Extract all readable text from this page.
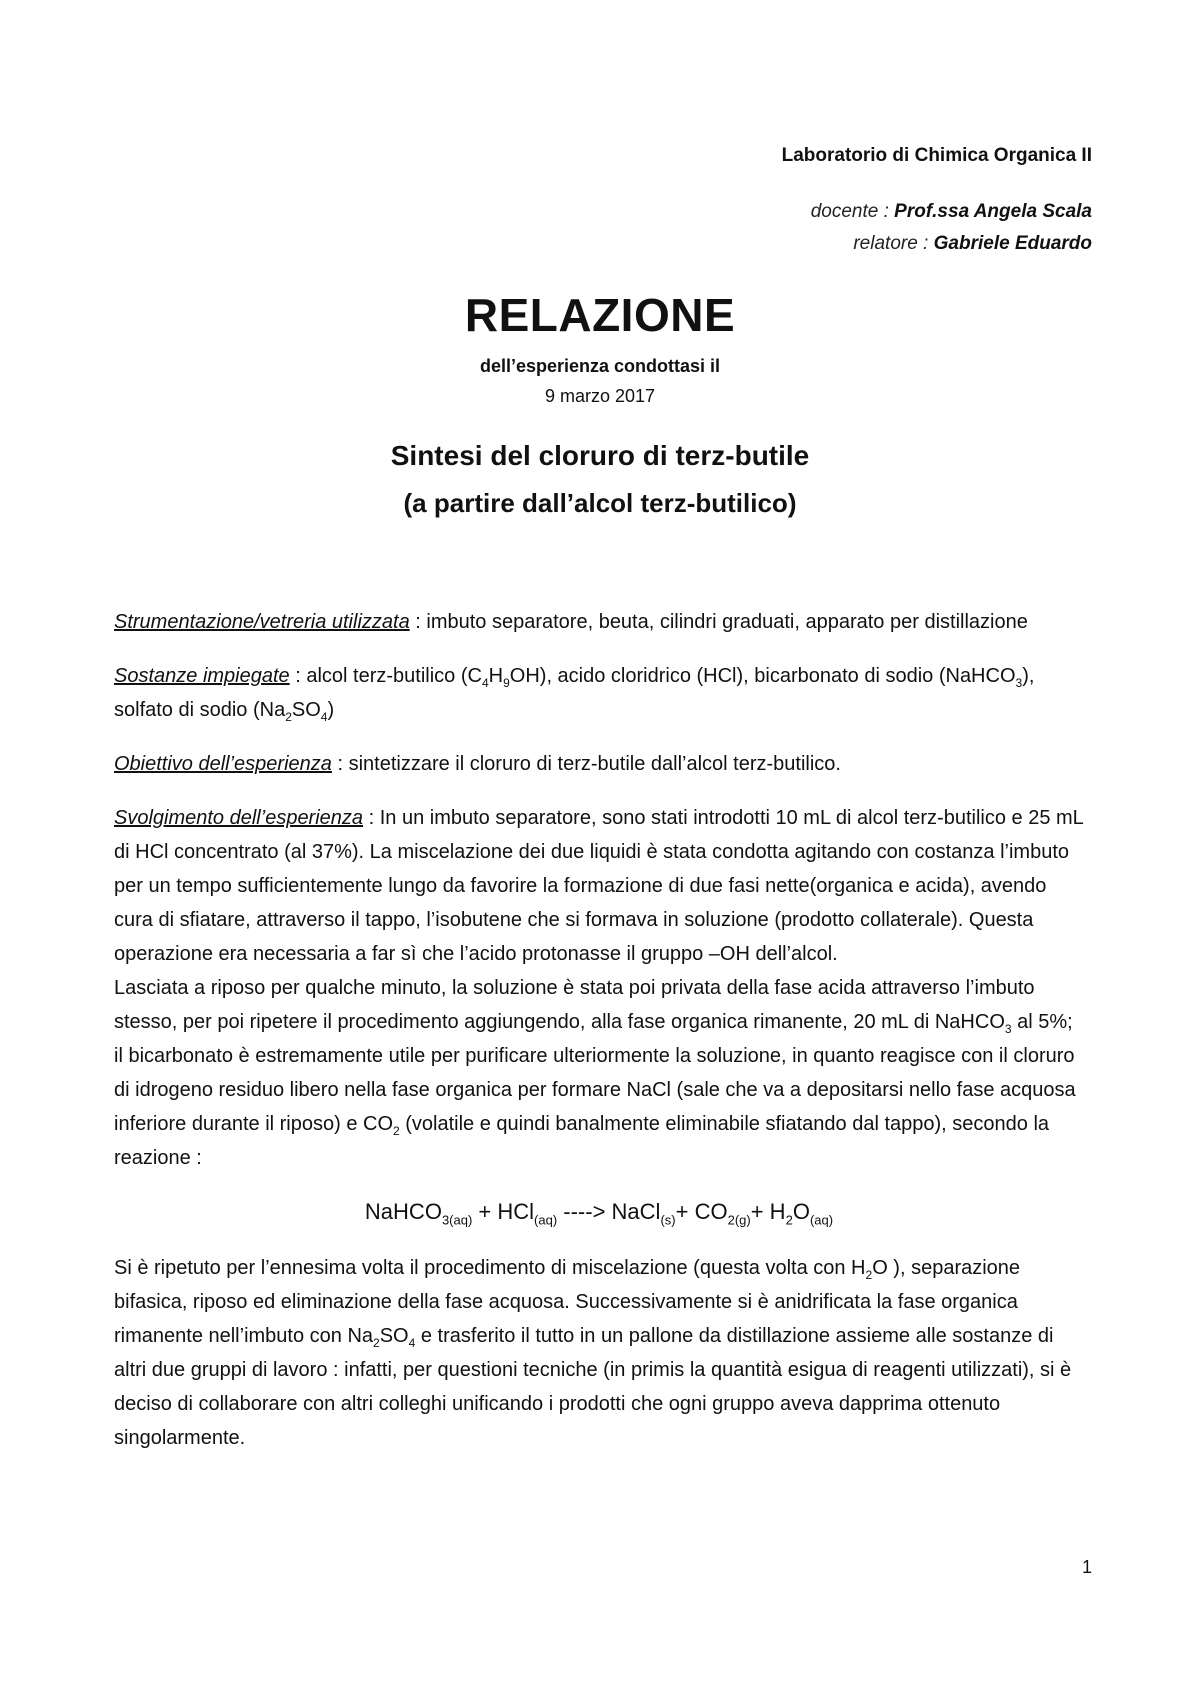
Laboratorio di Chimica Organica II
docente : Prof.ssa Angela Scala
relatore : Gabriele Eduardo
RELAZIONE
dell’esperienza condottasi il
9 marzo 2017
Sintesi del cloruro di terz-butile
(a partire dall’alcol terz-butilico)

Strumentazione/vetreria utilizzata : imbuto separatore, beuta, cilindri graduati, apparato per distillazione

Sostanze impiegate : alcol terz-butilico $(C_4H_9OH)$, acido cloridrico (HCl), bicarbonato di sodio (NaHCO$_3$), solfato di sodio $(Na_2SO_4)$

Obiettivo dell’esperienza : sintetizzare il cloruro di terz-butile dall’alcol terz-butilico.

Svolgimento dell’esperienza : In un imbuto separatore, sono stati introdotti 10 mL di alcol terz-butilico e 25 mL di HCl concentrato (al 37%). La miscelazione dei due liquidi è stata condotta agitando con costanza l’imbuto per un tempo sufficientemente lungo da favorire la formazione di due fasi nette(organica e acida), avendo cura di sfiatare, attraverso il tappo, l’isobutene che si formava in soluzione (prodotto collaterale). Questa operazione era necessaria a far sì che l’acido protonasse il gruppo –OH dell’alcol.

Lasciata a riposo per qualche minuto, la soluzione è stata poi privata della fase acida attraverso l’imbuto stesso, per poi ripetere il procedimento aggiungendo, alla fase organica rimanente, 20 mL di NaHCO$_3$ al 5%; il bicarbonato è estremamente utile per purificare ulteriormente la soluzione, in quanto reagisce con il cloruro di idrogeno residuo libero nella fase organica per formare NaCl (sale che va a depositarsi nello fase acquosa inferiore durante il riposo) e $CO_2$ (volatile e quindi banalmente eliminabile sfiatando dal tappo), secondo la reazione :

NaHCO$_{3(aq)}$ + HCl$_{(aq)}$ ----> NaCl$_{(s)}$+ $CO_{2(g)}+ H_2O_{(aq)}$

Si è ripetuto per l’ennesima volta il procedimento di miscelazione (questa volta con $H_2O$ ), separazione bifasica, riposo ed eliminazione della fase acquosa. Successivamente si è anidrificata la fase organica rimanente nell’imbuto con $Na_2SO_4$ e trasferito il tutto in un pallone da distillazione assieme alle sostanze di altri due gruppi di lavoro : infatti, per questioni tecniche (in primis la quantità esigua di reagenti utilizzati), si è deciso di collaborare con altri colleghi unificando i prodotti che ogni gruppo aveva dapprima ottenuto singolarmente.

1
